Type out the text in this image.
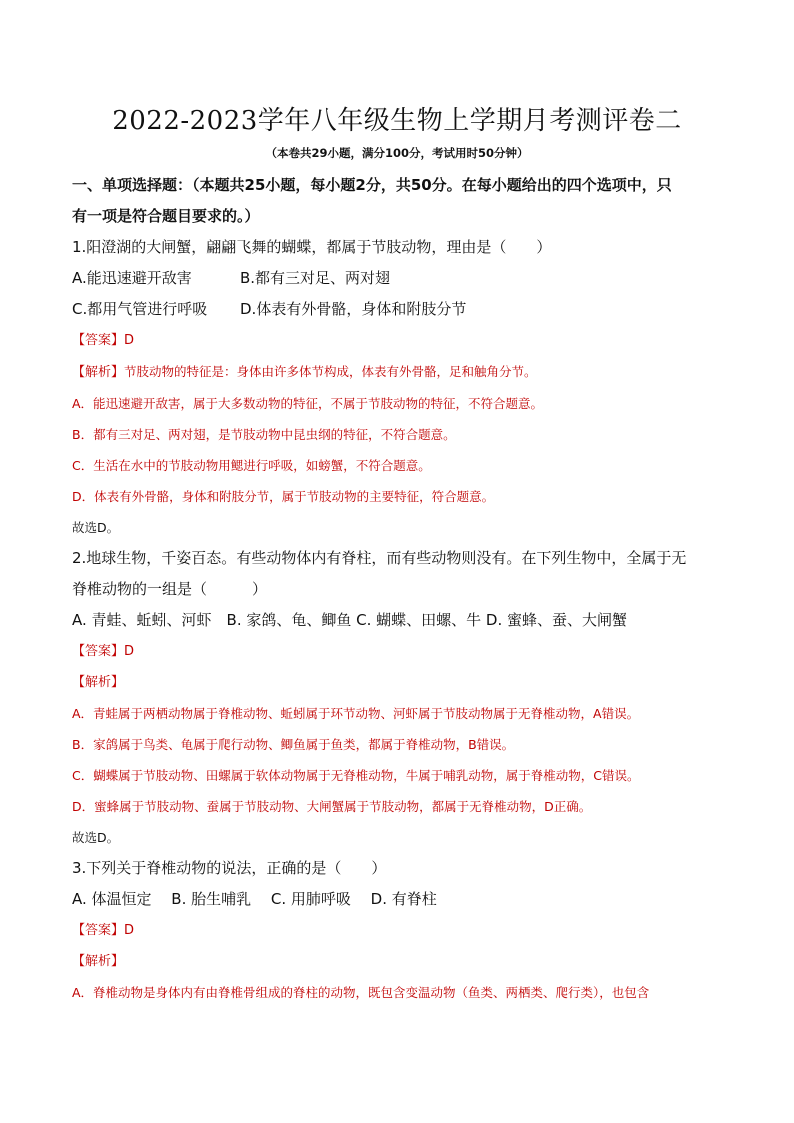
2022-2023学年八年级生物上学期月考测评卷二
（本卷共29小题，满分100分，考试用时50分钟）
一、单项选择题：（本题共25小题，每小题2分，共50分。在每小题给出的四个选项中，只
有一项是符合题目要求的。）
1.阳澄湖的大闸蟹，翩翩飞舞的蝴蝶，都属于节肢动物，理由是（　　）
A.能迅速避开敌害	B.都有三对足、两对翅
C.都用气管进行呼吸 D.体表有外骨骼，身体和附肢分节
【答案】D
【解析】节肢动物的特征是：身体由许多体节构成，体表有外骨骼，足和触角分节。
A．能迅速避开敌害，属于大多数动物的特征，不属于节肢动物的特征，不符合题意。
B．都有三对足、两对翅，是节肢动物中昆虫纲的特征，不符合题意。
C．生活在水中的节肢动物用鳃进行呼吸，如螃蟹，不符合题意。
D．体表有外骨骼，身体和附肢分节，属于节肢动物的主要特征，符合题意。
故选D。
2.地球生物，千姿百态。有些动物体内有脊柱，而有些动物则没有。在下列生物中，全属于无
脊椎动物的一组是（　　　）
A. 青蛙、蚯蚓、河虾　B. 家鸽、龟、鲫鱼 C. 蝴蝶、田螺、牛 D. 蜜蜂、蚕、大闸蟹
【答案】D
【解析】
A．青蛙属于两栖动物属于脊椎动物、蚯蚓属于环节动物、河虾属于节肢动物属于无脊椎动物，A错误。
B．家鸽属于鸟类、龟属于爬行动物、鲫鱼属于鱼类，都属于脊椎动物，B错误。
C．蝴蝶属于节肢动物、田螺属于软体动物属于无脊椎动物，牛属于哺乳动物，属于脊椎动物，C错误。
D．蜜蜂属于节肢动物、蚕属于节肢动物、大闸蟹属于节肢动物，都属于无脊椎动物，D正确。
故选D。
3.下列关于脊椎动物的说法，正确的是（　　）
A. 体温恒定　 B. 胎生哺乳　 C. 用肺呼吸　 D. 有脊柱
【答案】D
【解析】
A．脊椎动物是身体内有由脊椎骨组成的脊柱的动物，既包含变温动物（鱼类、两栖类、爬行类），也包含
